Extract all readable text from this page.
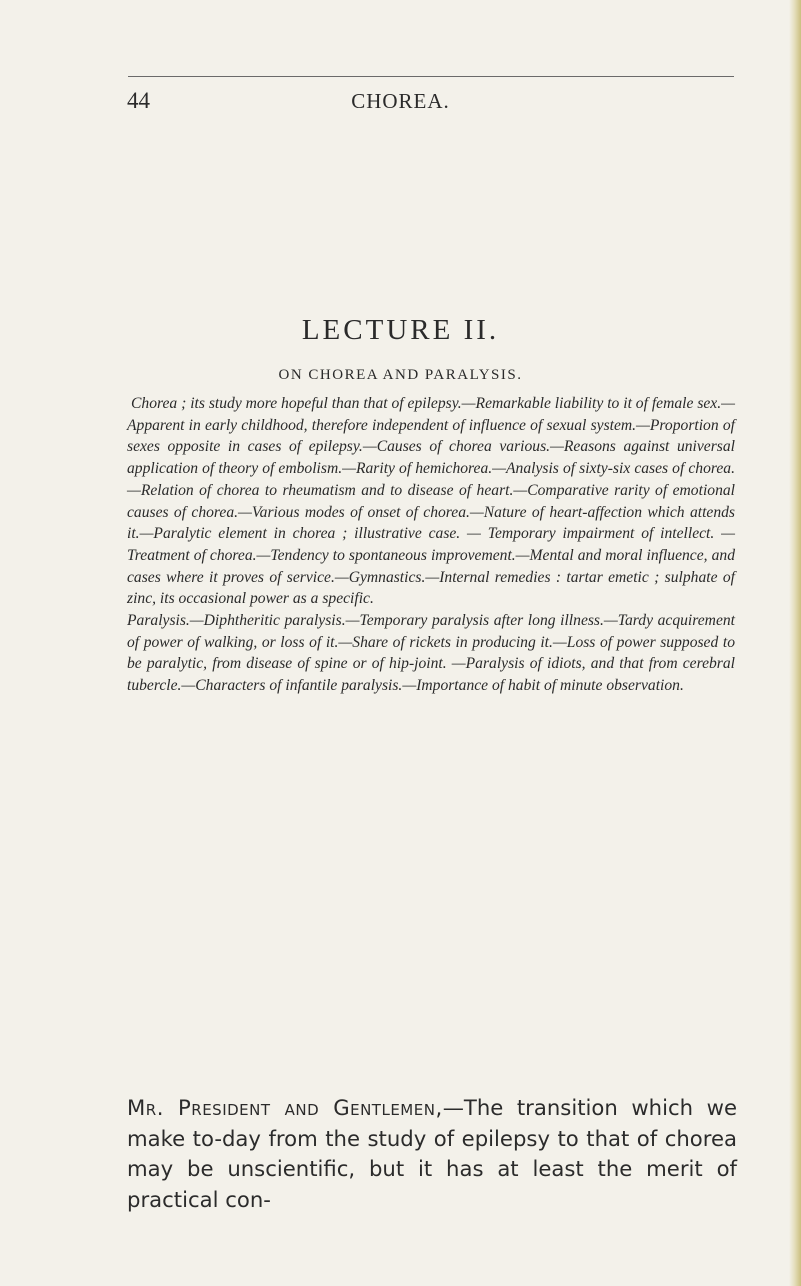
44	CHOREA.
LECTURE II.
ON CHOREA AND PARALYSIS.

Chorea ; its study more hopeful than that of epilepsy.—Remarkable liability to it of female sex.—Apparent in early childhood, therefore independent of influence of sexual system.—Proportion of sexes opposite in cases of epilepsy.—Causes of chorea various.—Reasons against universal application of theory of embolism.—Rarity of hemichorea.—Analysis of sixty-six cases of chorea.—Relation of chorea to rheumatism and to disease of heart.—Comparative rarity of emotional causes of chorea.—Various modes of onset of chorea.—Nature of heart-affection which attends it.—Paralytic element in chorea ; illustrative case. — Temporary impairment of intellect. — Treatment of chorea.—Tendency to spontaneous improvement.—Mental and moral influence, and cases where it proves of service.—Gymnastics.—Internal remedies : tartar emetic ; sulphate of zinc, its occasional power as a specific.
Paralysis.—Diphtheritic paralysis.—Temporary paralysis after long illness.—Tardy acquirement of power of walking, or loss of it.—Share of rickets in producing it.—Loss of power supposed to be paralytic, from disease of spine or of hip-joint. —Paralysis of idiots, and that from cerebral tubercle.—Characters of infantile paralysis.—Importance of habit of minute observation.

Mr. President and Gentlemen,—The transition which we make to-day from the study of epilepsy to that of chorea may be unscientific, but it has at least the merit of practical con-
